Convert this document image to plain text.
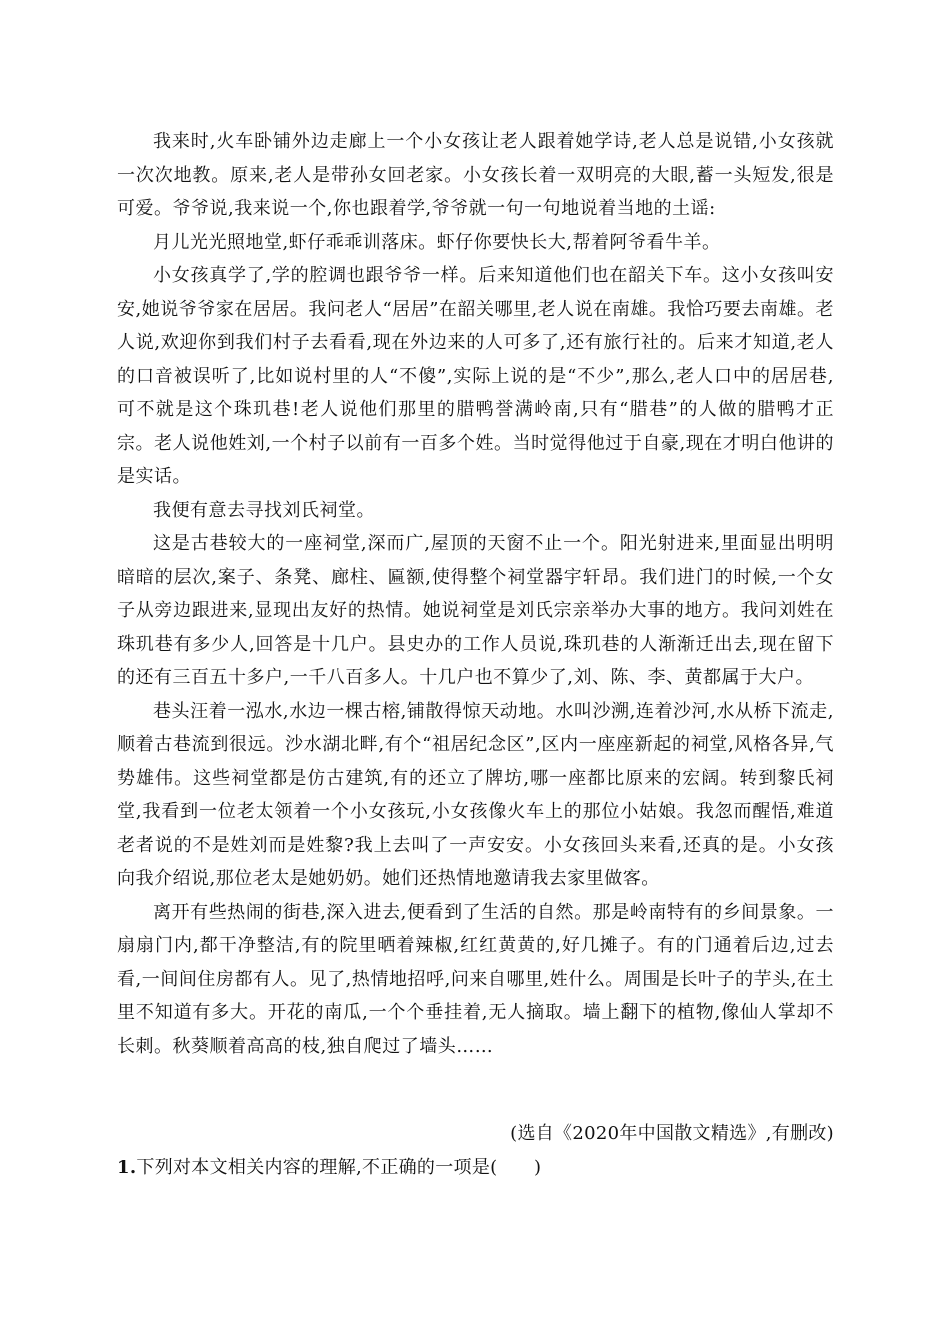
我来时,火车卧铺外边走廊上一个小女孩让老人跟着她学诗,老人总是说错,小女孩就一次次地教。原来,老人是带孙女回老家。小女孩长着一双明亮的大眼,蓄一头短发,很是可爱。爷爷说,我来说一个,你也跟着学,爷爷就一句一句地说着当地的土谣:

月儿光光照地堂,虾仔乖乖训落床。虾仔你要快长大,帮着阿爷看牛羊。

小女孩真学了,学的腔调也跟爷爷一样。后来知道他们也在韶关下车。这小女孩叫安安,她说爷爷家在居居。我问老人“居居”在韶关哪里,老人说在南雄。我恰巧要去南雄。老人说,欢迎你到我们村子去看看,现在外边来的人可多了,还有旅行社的。后来才知道,老人的口音被误听了,比如说村里的人“不傻”,实际上说的是“不少”,那么,老人口中的居居巷,可不就是这个珠玑巷!老人说他们那里的腊鸭誉满岭南,只有“腊巷”的人做的腊鸭才正宗。老人说他姓刘,一个村子以前有一百多个姓。当时觉得他过于自豪,现在才明白他讲的是实话。

我便有意去寻找刘氏祠堂。

这是古巷较大的一座祠堂,深而广,屋顶的天窗不止一个。阳光射进来,里面显出明明暗暗的层次,案子、条凳、廊柱、匾额,使得整个祠堂器宇轩昂。我们进门的时候,一个女子从旁边跟进来,显现出友好的热情。她说祠堂是刘氏宗亲举办大事的地方。我问刘姓在珠玑巷有多少人,回答是十几户。县史办的工作人员说,珠玑巷的人渐渐迁出去,现在留下的还有三百五十多户,一千八百多人。十几户也不算少了,刘、陈、李、黄都属于大户。

巷头汪着一泓水,水边一棵古榕,铺散得惊天动地。水叫沙溯,连着沙河,水从桥下流走,顺着古巷流到很远。沙水湖北畔,有个“祖居纪念区”,区内一座座新起的祠堂,风格各异,气势雄伟。这些祠堂都是仿古建筑,有的还立了牌坊,哪一座都比原来的宏阔。转到黎氏祠堂,我看到一位老太领着一个小女孩玩,小女孩像火车上的那位小姑娘。我忽而醒悟,难道老者说的不是姓刘而是姓黎?我上去叫了一声安安。小女孩回头来看,还真的是。小女孩向我介绍说,那位老太是她奶奶。她们还热情地邀请我去家里做客。

离开有些热闹的街巷,深入进去,便看到了生活的自然。那是岭南特有的乡间景象。一扇扇门内,都干净整洁,有的院里晒着辣椒,红红黄黄的,好几摊子。有的门通着后边,过去看,一间间住房都有人。见了,热情地招呼,问来自哪里,姓什么。周围是长叶子的芋头,在土里不知道有多大。开花的南瓜,一个个垂挂着,无人摘取。墙上翻下的植物,像仙人掌却不长刺。秋葵顺着高高的枝,独自爬过了墙头……

(选自《2020年中国散文精选》,有删改)
1.下列对本文相关内容的理解,不正确的一项是(　　)
